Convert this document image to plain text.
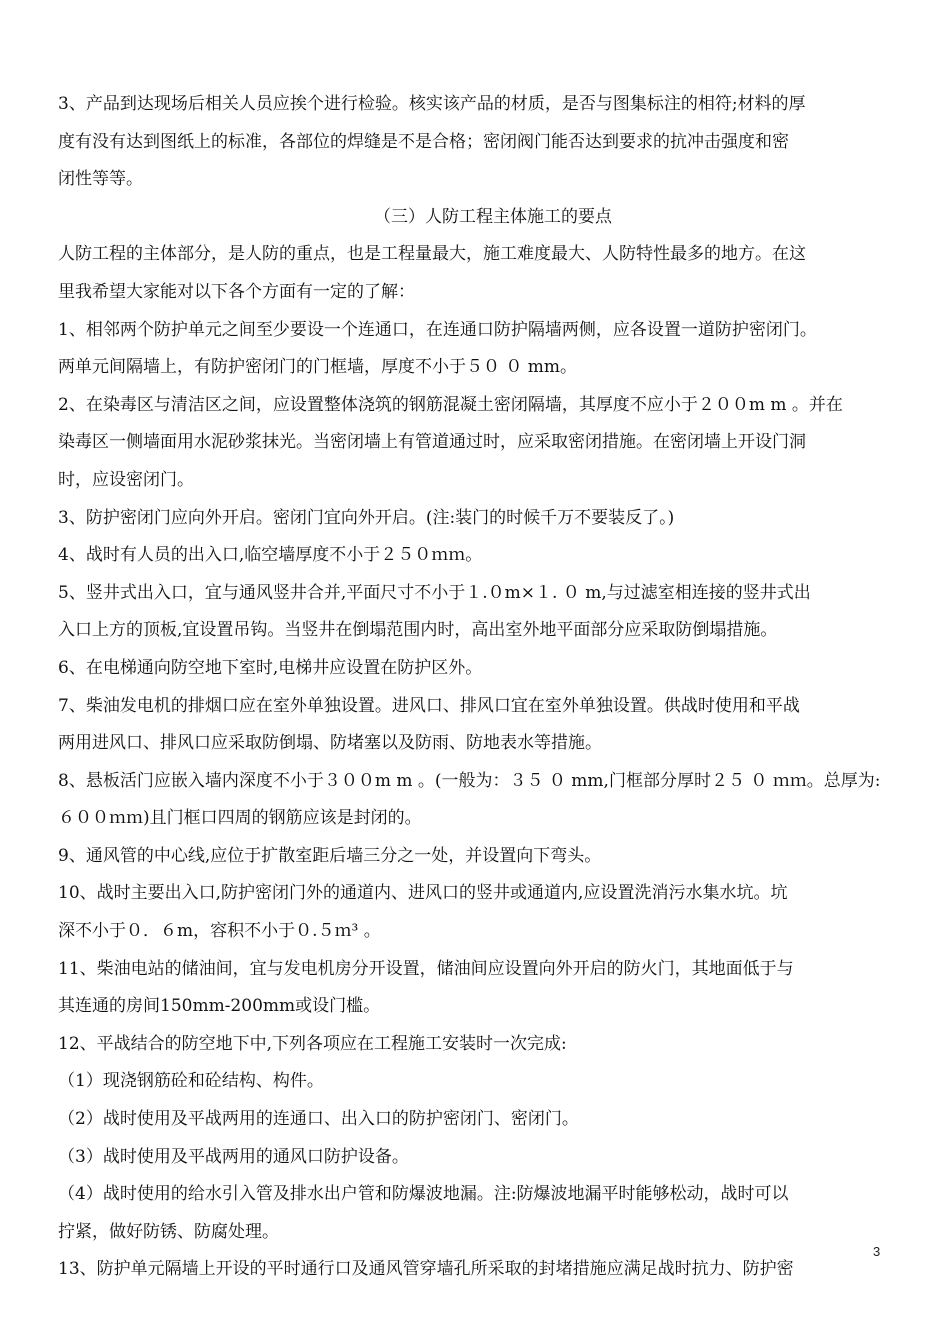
3、产品到达现场后相关人员应挨个进行检验。核实该产品的材质，是否与图集标注的相符;材料的厚
度有没有达到图纸上的标准，各部位的焊缝是不是合格；密闭阀门能否达到要求的抗冲击强度和密
闭性等等。
（三）人防工程主体施工的要点
人防工程的主体部分，是人防的重点，也是工程量最大，施工难度最大、人防特性最多的地方。在这
里我希望大家能对以下各个方面有一定的了解：
1、相邻两个防护单元之间至少要设一个连通口，在连通口防护隔墙两侧，应各设置一道防护密闭门。
两单元间隔墙上，有防护密闭门的门框墙，厚度不小于５０ ０ mm。
2、在染毒区与清洁区之间，应设置整体浇筑的钢筋混凝土密闭隔墙，其厚度不应小于２００m m 。并在
染毒区一侧墙面用水泥砂浆抹光。当密闭墙上有管道通过时，应采取密闭措施。在密闭墙上开设门洞
时，应设密闭门。
3、防护密闭门应向外开启。密闭门宜向外开启。(注:装门的时候千万不要装反了。)
4、战时有人员的出入口,临空墙厚度不小于２５０ｍｍ。
5、竖井式出入口，宜与通风竖井合并,平面尺寸不小于１.０m×１. ０ m,与过滤室相连接的竖井式出
入口上方的顶板,宜设置吊钩。当竖井在倒塌范围内时，高出室外地平面部分应采取防倒塌措施。
6、在电梯通向防空地下室时,电梯井应设置在防护区外。
7、柴油发电机的排烟口应在室外单独设置。进风口、排风口宜在室外单独设置。供战时使用和平战
两用进风口、排风口应采取防倒塌、防堵塞以及防雨、防地表水等措施。
8、悬板活门应嵌入墙内深度不小于３００m m 。(一般为：３５ ０ mm,门框部分厚时２５ ０ ｍｍ。总厚为:
６００ｍｍ)且门框口四周的钢筋应该是封闭的。
9、通风管的中心线,应位于扩散室距后墙三分之一处，并设置向下弯头。
10、战时主要出入口,防护密闭门外的通道内、进风口的竖井或通道内,应设置洗消污水集水坑。坑
深不小于０．６m，容积不小于０.５ｍ³ 。
11、柴油电站的储油间，宜与发电机房分开设置，储油间应设置向外开启的防火门，其地面低于与
其连通的房间150mm-200mm或设门槛。
12、平战结合的防空地下中,下列各项应在工程施工安装时一次完成:
（1）现浇钢筋砼和砼结构、构件。
（2）战时使用及平战两用的连通口、出入口的防护密闭门、密闭门。
（3）战时使用及平战两用的通风口防护设备。
（4）战时使用的给水引入管及排水出户管和防爆波地漏。注:防爆波地漏平时能够松动，战时可以
拧紧，做好防锈、防腐处理。
13、防护单元隔墙上开设的平时通行口及通风管穿墙孔所采取的封堵措施应满足战时抗力、防护密
3
